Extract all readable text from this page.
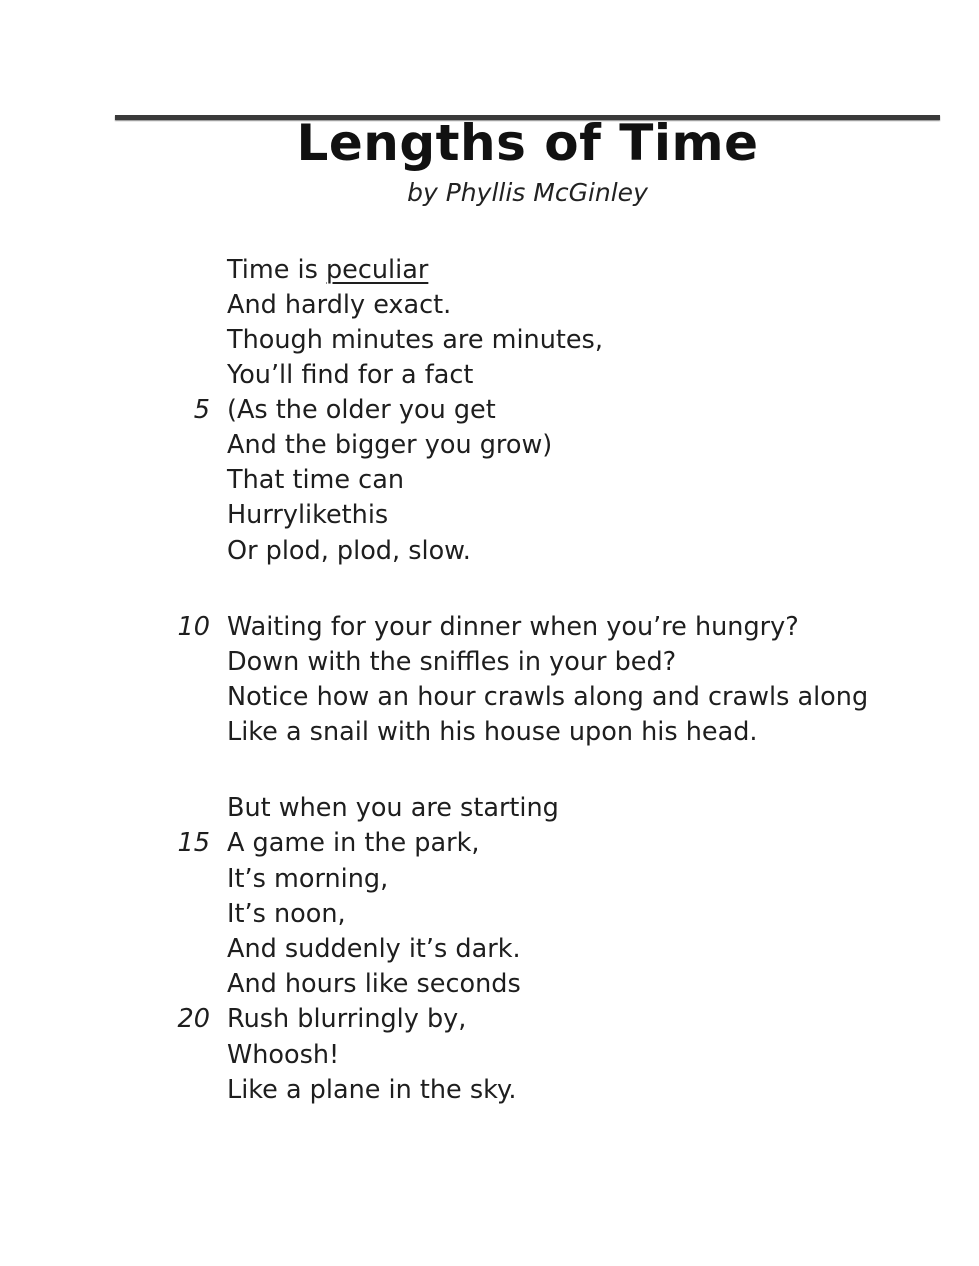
Lengths of Time
by Phyllis McGinley
Time is peculiar
And hardly exact.
Though minutes are minutes,
You’ll find for a fact
5 (As the older you get
And the bigger you grow)
That time can
Hurrylikethis
Or plod, plod, slow.
10 Waiting for your dinner when you’re hungry?
Down with the sniffles in your bed?
Notice how an hour crawls along and crawls along
Like a snail with his house upon his head.
But when you are starting
15 A game in the park,
It’s morning,
It’s noon,
And suddenly it’s dark.
And hours like seconds
20 Rush blurringly by,
Whoosh!
Like a plane in the sky.
